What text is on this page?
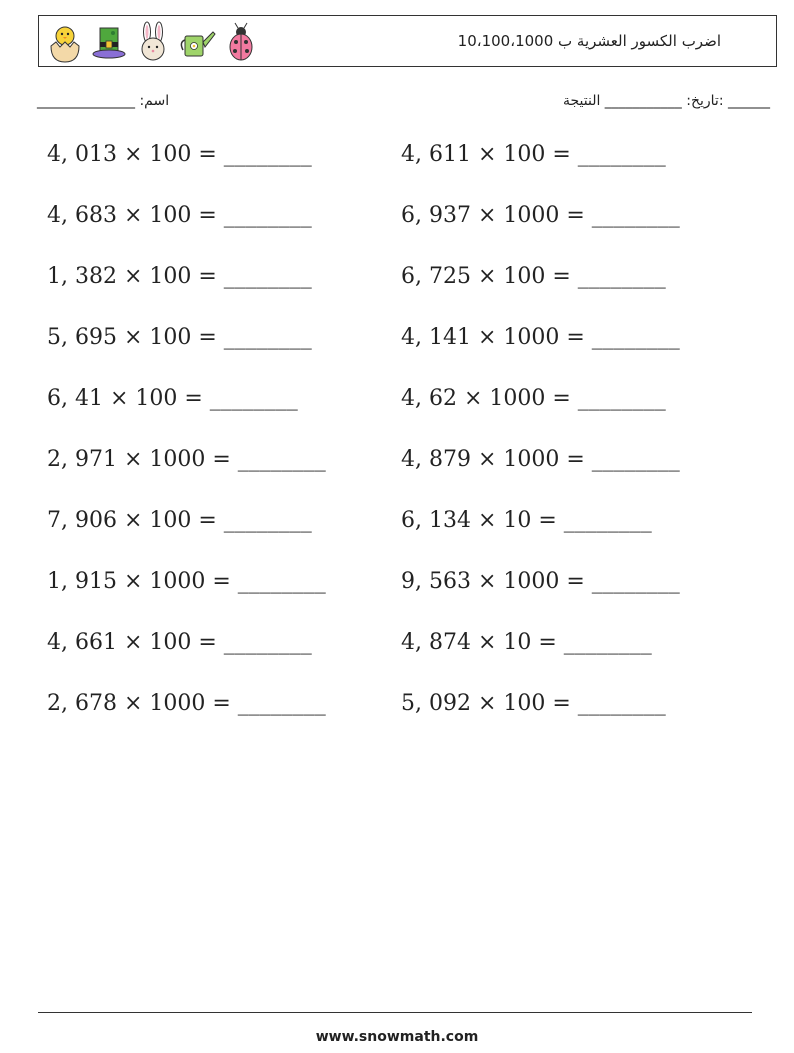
اضرب الكسور العشرية ب 10،100،1000
______ :تاريخ: ___________ النتيجة
اسم: ______________
4, 013 × 100 = ________	4, 611 × 100 = ________
4, 683 × 100 = ________	6, 937 × 1000 = ________
1, 382 × 100 = ________	6, 725 × 100 = ________
5, 695 × 100 = ________	4, 141 × 1000 = ________
6, 41 × 100 = ________	4, 62 × 1000 = ________
2, 971 × 1000 = ________	4, 879 × 1000 = ________
7, 906 × 100 = ________	6, 134 × 10 = ________
1, 915 × 1000 = ________	9, 563 × 1000 = ________
4, 661 × 100 = ________	4, 874 × 10 = ________
2, 678 × 1000 = ________	5, 092 × 100 = ________
www.snowmath.com
